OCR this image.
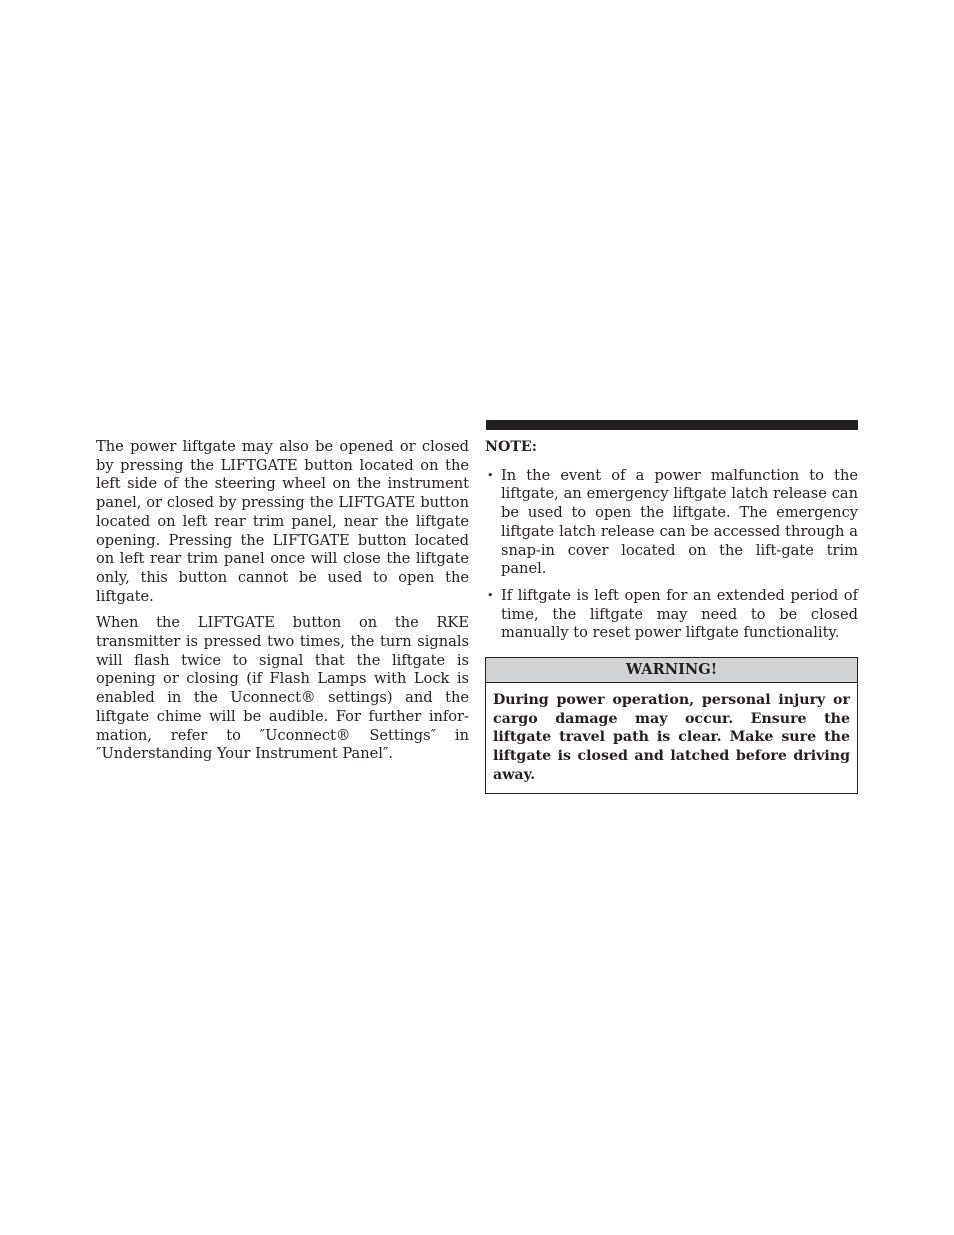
The power liftgate may also be opened or closed by pressing the LIFTGATE button located on the left side of the steering wheel on the instrument panel, or closed by pressing the LIFTGATE button located on left rear trim panel, near the liftgate opening. Pressing the LIFTGATE button located on left rear trim panel once will close the liftgate only, this button cannot be used to open the liftgate.

When the LIFTGATE button on the RKE transmitter is pressed two times, the turn signals will flash twice to signal that the liftgate is opening or closing (if Flash Lamps with Lock is enabled in the Uconnect® settings) and the liftgate chime will be audible. For further infor-mation, refer to ″Uconnect® Settings″ in ″Understanding Your Instrument Panel″.

NOTE:
• In the event of a power malfunction to the liftgate, an emergency liftgate latch release can be used to open the liftgate. The emergency liftgate latch release can be accessed through a snap-in cover located on the lift-gate trim panel.
• If liftgate is left open for an extended period of time, the liftgate may need to be closed manually to reset power liftgate functionality.
WARNING!
During power operation, personal injury or cargo damage may occur. Ensure the liftgate travel path is clear. Make sure the liftgate is closed and latched before driving away.
